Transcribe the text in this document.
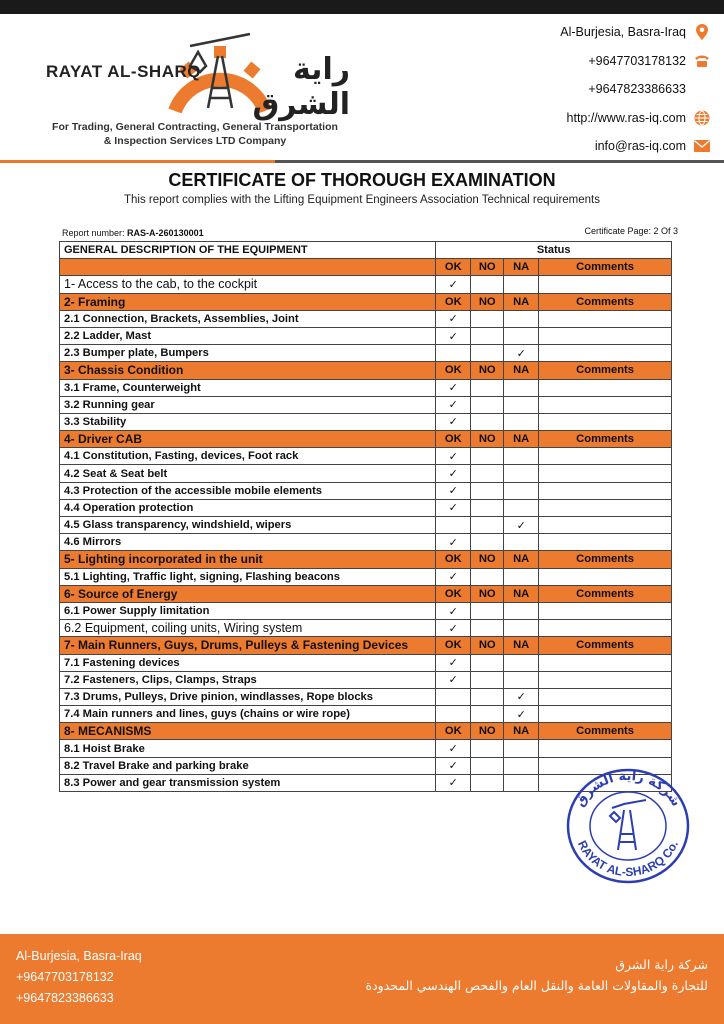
RAYAT AL-SHARQ	راية الشرق
For Trading, General Contracting, General Transportation
& Inspection Services LTD Company
Al-Burjesia, Basra-Iraq
+9647703178132
+9647823386633
http://www.ras-iq.com
info@ras-iq.com
CERTIFICATE OF THOROUGH EXAMINATION
This report complies with the Lifting Equipment Engineers Association Technical requirements
Report number: RAS-A-260130001	Certificate Page: 2 Of 3
GENERAL DESCRIPTION OF THE EQUIPMENT	Status			
	OK	NO	NA	Comments
1- Access to the cab, to the cockpit	✓			
2- Framing	OK	NO	NA	Comments
2.1 Connection, Brackets, Assemblies, Joint	✓			
2.2 Ladder, Mast	✓			
2.3 Bumper plate, Bumpers			✓	
3- Chassis Condition	OK	NO	NA	Comments
3.1 Frame, Counterweight	✓			
3.2 Running gear	✓			
3.3 Stability	✓			
4- Driver CAB	OK	NO	NA	Comments
4.1 Constitution, Fasting, devices, Foot rack	✓			
4.2 Seat & Seat belt	✓			
4.3 Protection of the accessible mobile elements	✓			
4.4 Operation protection	✓			
4.5 Glass transparency, windshield, wipers			✓	
4.6 Mirrors	✓			
5- Lighting incorporated in the unit	OK	NO	NA	Comments
5.1 Lighting, Traffic light, signing, Flashing beacons	✓			
6- Source of Energy	OK	NO	NA	Comments
6.1 Power Supply limitation	✓			
6.2 Equipment, coiling units, Wiring system	✓			
7- Main Runners, Guys, Drums, Pulleys & Fastening Devices	OK	NO	NA	Comments
7.1 Fastening devices	✓			
7.2 Fasteners, Clips, Clamps, Straps	✓			
7.3 Drums, Pulleys, Drive pinion, windlasses, Rope blocks			✓	
7.4 Main runners and lines, guys (chains or wire rope)			✓	
8- MECANISMS	OK	NO	NA	Comments
8.1 Hoist Brake	✓			
8.2 Travel Brake and parking brake	✓			
8.3 Power and gear transmission system	✓			
شركة راية الشرق
RAYAT AL-SHARQ Co.
Al-Burjesia, Basra-Iraq
+9647703178132
+9647823386633
شركة راية الشرق
للتجارة والمقاولات العامة والنقل العام والفحص الهندسي المحدودة
